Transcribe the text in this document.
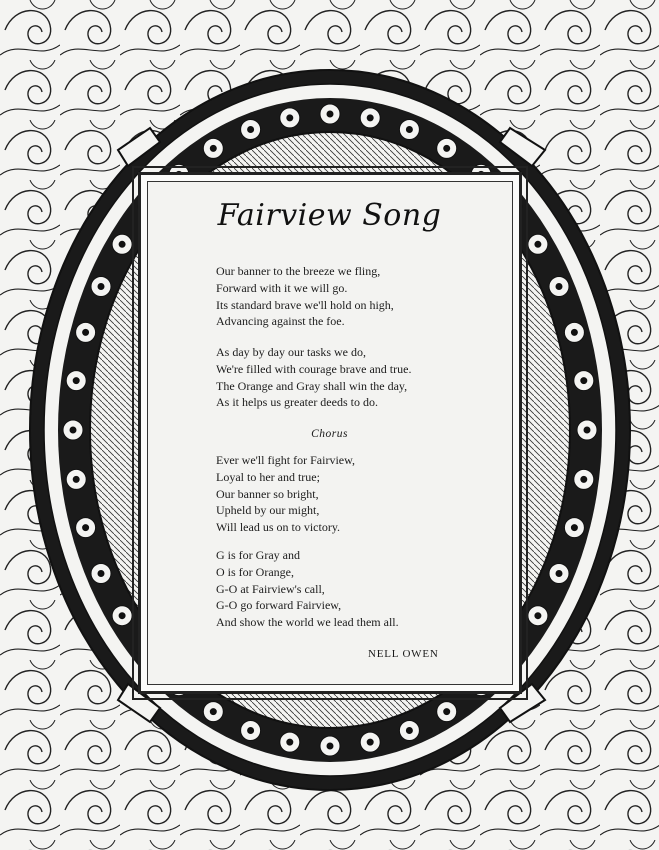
Fairview Song
Our banner to the breeze we fling,
Forward with it we will go.
Its standard brave we'll hold on high,
Advancing against the foe.
As day by day our tasks we do,
We're filled with courage brave and true.
The Orange and Gray shall win the day,
As it helps us greater deeds to do.
Chorus
Ever we'll fight for Fairview,
Loyal to her and true;
Our banner so bright,
Upheld by our might,
Will lead us on to victory.
G is for Gray and
O is for Orange,
G-O at Fairview's call,
G-O go forward Fairview,
And show the world we lead them all.
NELL OWEN
